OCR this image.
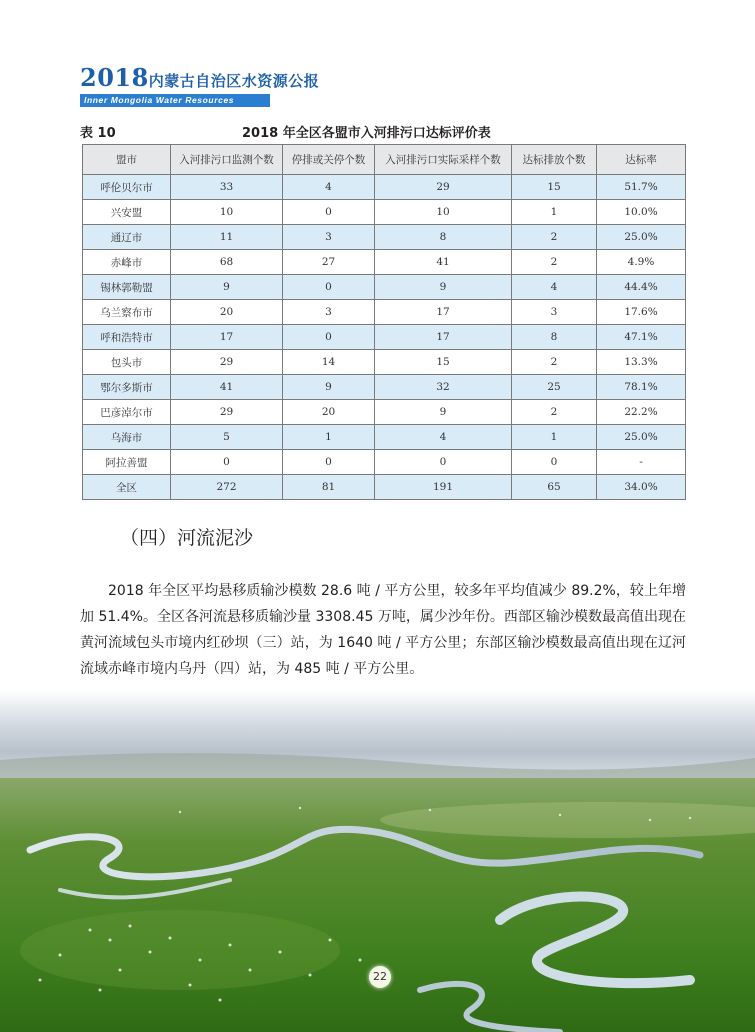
2018内蒙古自治区水资源公报
Inner Mongolia Water Resources Bulletin
表 10	2018 年全区各盟市入河排污口达标评价表
盟市	入河排污口监测个数	停排或关停个数	入河排污口实际采样个数	达标排放个数	达标率
呼伦贝尔市	33	4	29	15	51.7%
兴安盟	10	0	10	1	10.0%
通辽市	11	3	8	2	25.0%
赤峰市	68	27	41	2	4.9%
锡林郭勒盟	9	0	9	4	44.4%
乌兰察布市	20	3	17	3	17.6%
呼和浩特市	17	0	17	8	47.1%
包头市	29	14	15	2	13.3%
鄂尔多斯市	41	9	32	25	78.1%
巴彦淖尔市	29	20	9	2	22.2%
乌海市	5	1	4	1	25.0%
阿拉善盟	0	0	0	0	-
全区	272	81	191	65	34.0%
（四）河流泥沙
2018 年全区平均悬移质输沙模数 28.6 吨 / 平方公里，较多年平均值减少 89.2%，较上年增加 51.4%。全区各河流悬移质输沙量 3308.45 万吨，属少沙年份。西部区输沙模数最高值出现在黄河流域包头市境内红砂坝（三）站，为 1640 吨 / 平方公里；东部区输沙模数最高值出现在辽河流域赤峰市境内乌丹（四）站，为 485 吨 / 平方公里。
22
